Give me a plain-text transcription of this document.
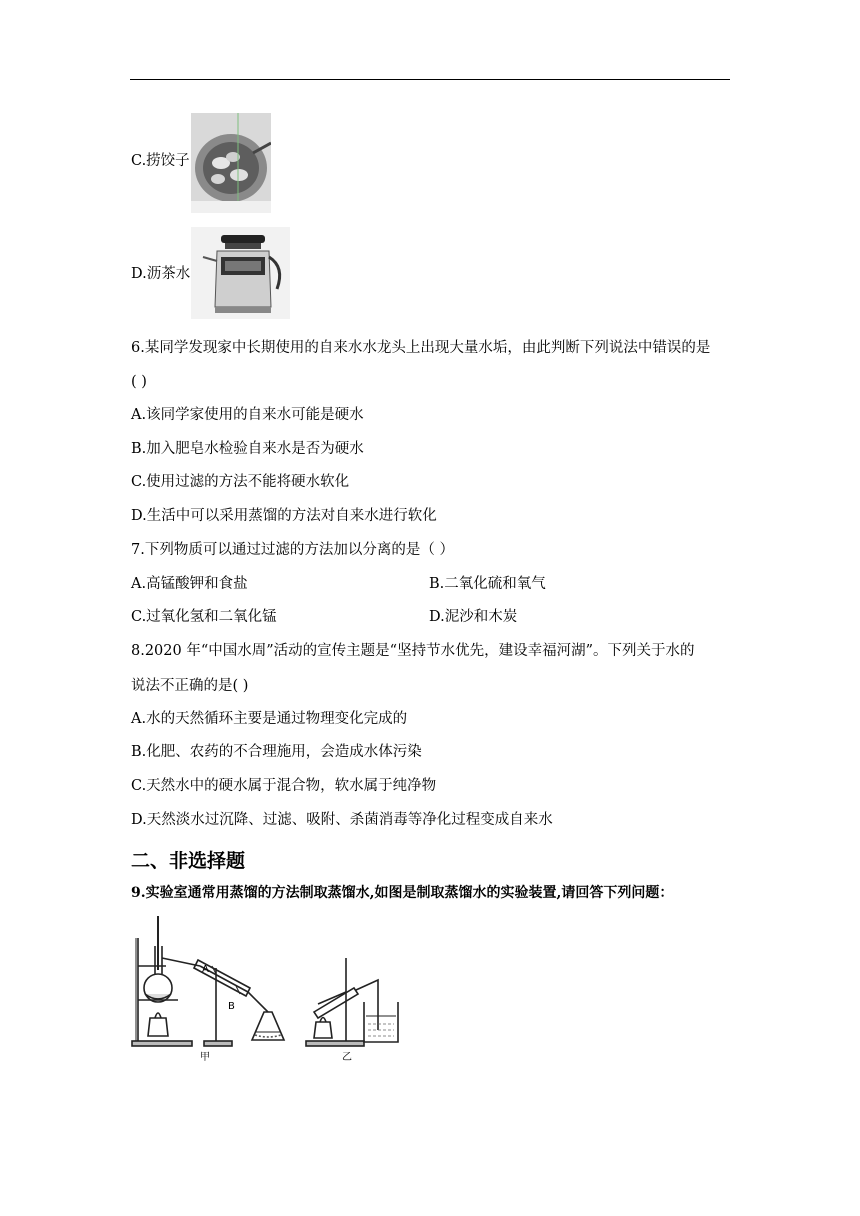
C.捞饺子
D.沥茶水
6.某同学发现家中长期使用的自来水水龙头上出现大量水垢，由此判断下列说法中错误的是
( )
A.该同学家使用的自来水可能是硬水
B.加入肥皂水检验自来水是否为硬水
C.使用过滤的方法不能将硬水软化
D.生活中可以采用蒸馏的方法对自来水进行软化
7.下列物质可以通过过滤的方法加以分离的是（ ）
A.高锰酸钾和食盐	B.二氧化硫和氧气
C.过氧化氢和二氧化锰	D.泥沙和木炭
8.2020 年“中国水周”活动的宣传主题是“坚持节水优先，建设幸福河湖”。下列关于水的
说法不正确的是( )
A.水的天然循环主要是通过物理变化完成的
B.化肥、农药的不合理施用，会造成水体污染
C.天然水中的硬水属于混合物，软水属于纯净物
D.天然淡水过沉降、过滤、吸附、杀菌消毒等净化过程变成自来水
二、非选择题
9.实验室通常用蒸馏的方法制取蒸馏水,如图是制取蒸馏水的实验装置,请回答下列问题：
A
B
甲	乙
